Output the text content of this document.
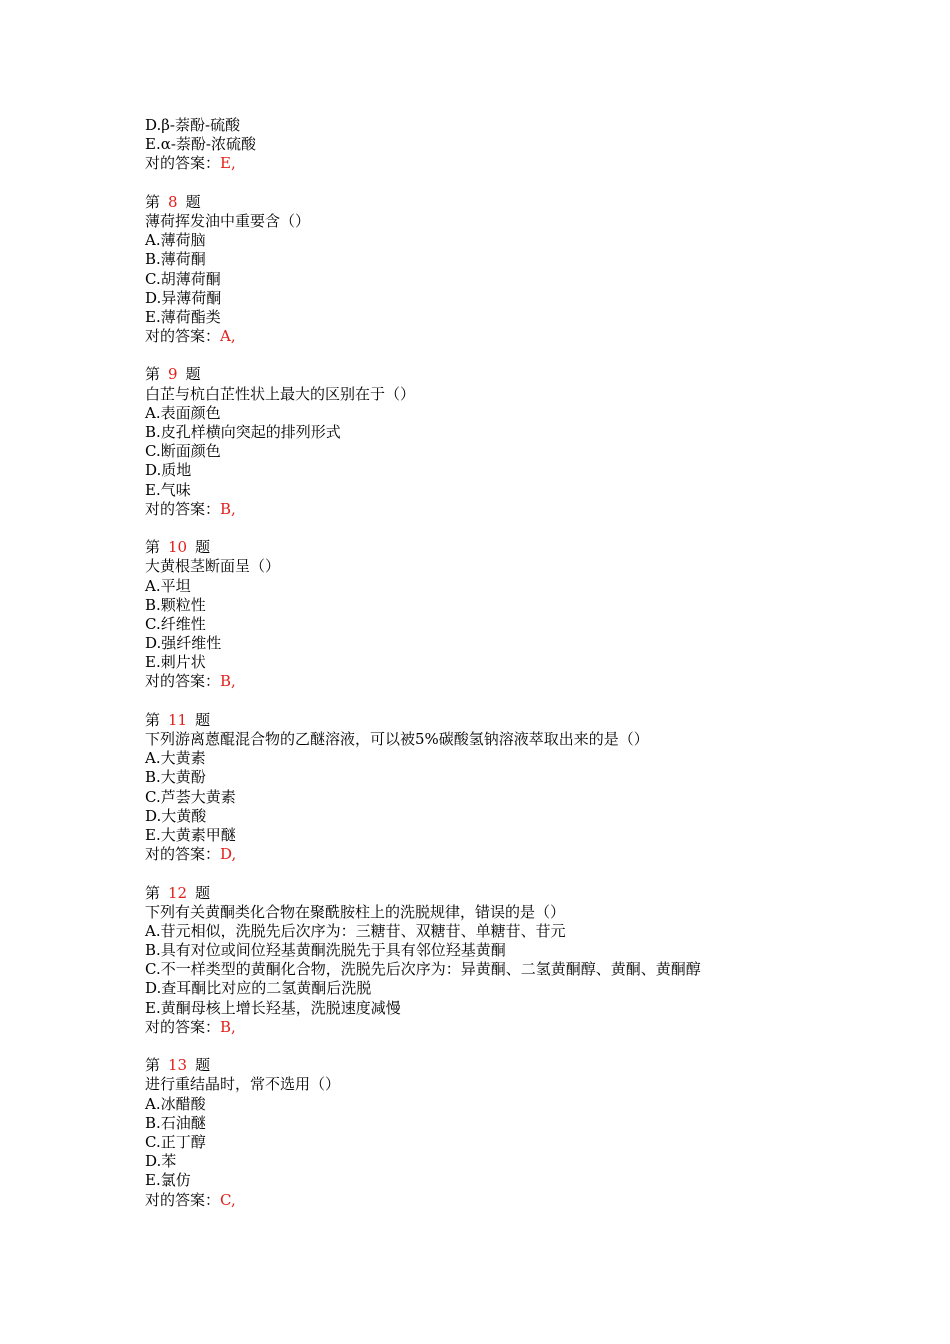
D.β-萘酚-硫酸
E.α-萘酚-浓硫酸
对的答案：E,
第 8 题
薄荷挥发油中重要含（）
A.薄荷脑
B.薄荷酮
C.胡薄荷酮
D.异薄荷酮
E.薄荷酯类
对的答案：A,
第 9 题
白芷与杭白芷性状上最大的区别在于（）
A.表面颜色
B.皮孔样横向突起的排列形式
C.断面颜色
D.质地
E.气味
对的答案：B,
第 10 题
大黄根茎断面呈（）
A.平坦
B.颗粒性
C.纤维性
D.强纤维性
E.刺片状
对的答案：B,
第 11 题
下列游离蒽醌混合物的乙醚溶液，可以被5%碳酸氢钠溶液萃取出来的是（）
A.大黄素
B.大黄酚
C.芦荟大黄素
D.大黄酸
E.大黄素甲醚
对的答案：D,
第 12 题
下列有关黄酮类化合物在聚酰胺柱上的洗脱规律，错误的是（）
A.苷元相似，洗脱先后次序为：三糖苷、双糖苷、单糖苷、苷元
B.具有对位或间位羟基黄酮洗脱先于具有邻位羟基黄酮
C.不一样类型的黄酮化合物，洗脱先后次序为：异黄酮、二氢黄酮醇、黄酮、黄酮醇
D.查耳酮比对应的二氢黄酮后洗脱
E.黄酮母核上增长羟基，洗脱速度减慢
对的答案：B,
第 13 题
进行重结晶时，常不选用（）
A.冰醋酸
B.石油醚
C.正丁醇
D.苯
E.氯仿
对的答案：C,
